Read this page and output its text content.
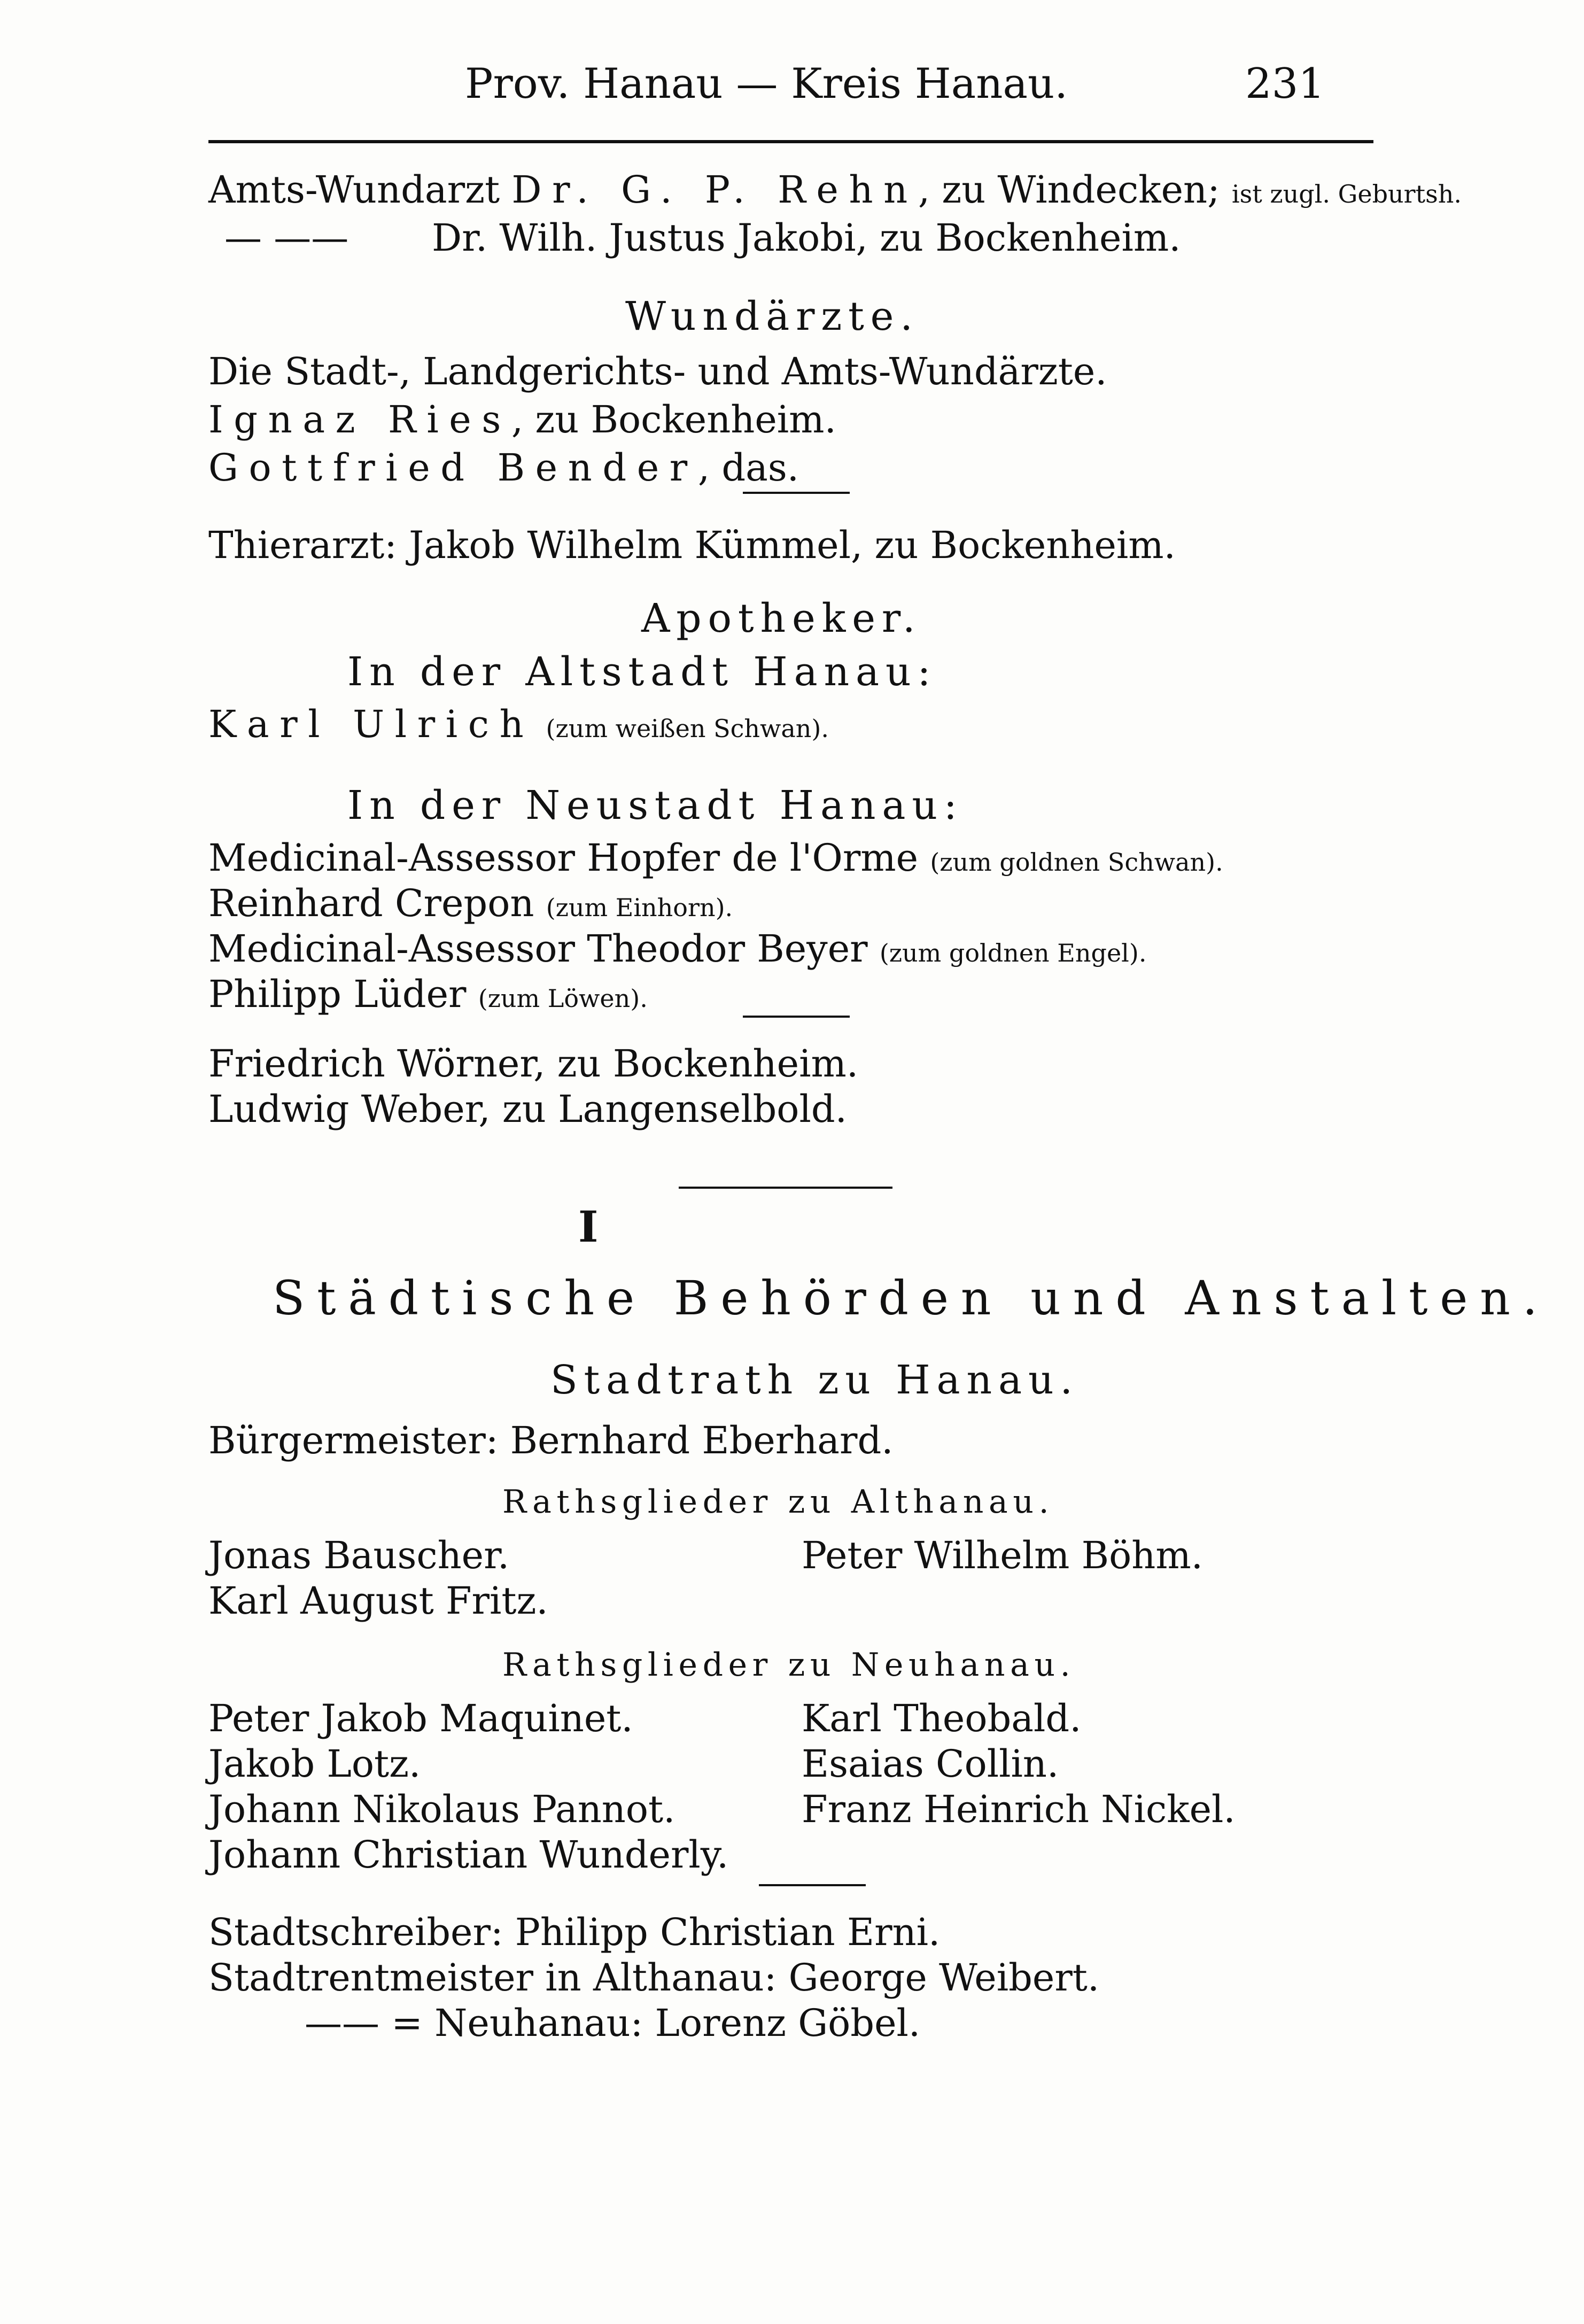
Prov. Hanau — Kreis Hanau.	231
Amts-Wundarzt Dr. G. P. Rehn, zu Windecken; ist zugl. Geburtsh.
— —— Dr. Wilh. Justus Jakobi, zu Bockenheim.
Wundärzte.
Die Stadt-, Landgerichts- und Amts-Wundärzte.
Ignaz Ries, zu Bockenheim.
Gottfried Bender, das.
Thierarzt: Jakob Wilhelm Kümmel, zu Bockenheim.
Apotheker.
In der Altstadt Hanau:
Karl Ulrich (zum weißen Schwan).
In der Neustadt Hanau:
Medicinal-Assessor Hopfer de l'Orme (zum goldnen Schwan).
Reinhard Crepon (zum Einhorn).
Medicinal-Assessor Theodor Beyer (zum goldnen Engel).
Philipp Lüder (zum Löwen).
Friedrich Wörner, zu Bockenheim.
Ludwig Weber, zu Langenselbold.
I
Städtische Behörden und Anstalten.
Stadtrath zu Hanau.
Bürgermeister: Bernhard Eberhard.
Rathsglieder zu Althanau.
Jonas Bauscher.	Peter Wilhelm Böhm.
Karl August Fritz.
Rathsglieder zu Neuhanau.
Peter Jakob Maquinet.	Karl Theobald.
Jakob Lotz.	Esaias Collin.
Johann Nikolaus Pannot.	Franz Heinrich Nickel.
Johann Christian Wunderly.
Stadtschreiber: Philipp Christian Erni.
Stadtrentmeister in Althanau: George Weibert.
—— = Neuhanau: Lorenz Göbel.
